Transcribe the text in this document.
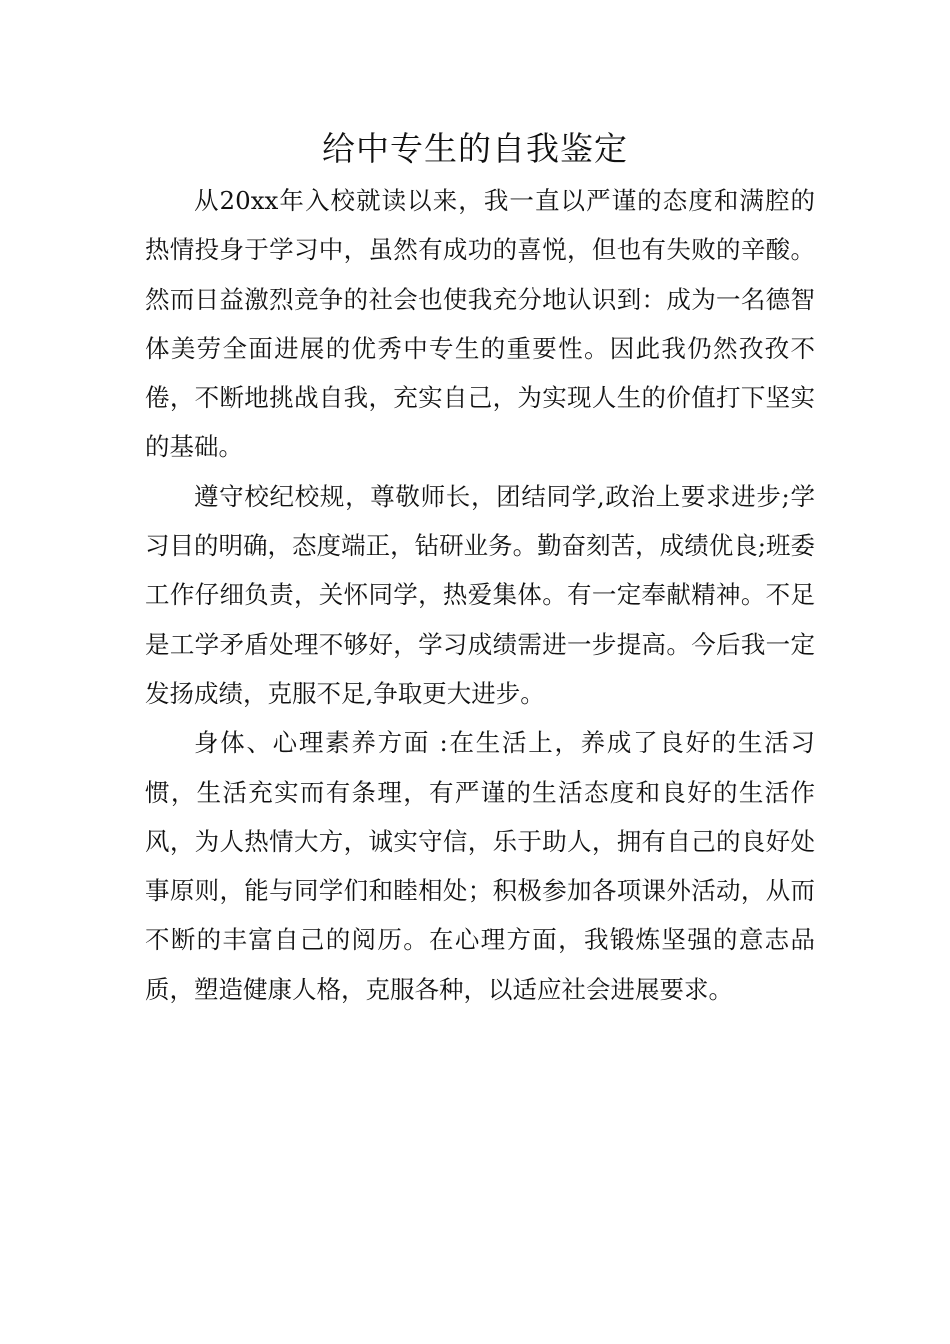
给中专生的自我鉴定

从20xx年入校就读以来，我一直以严谨的态度和满腔的热情投身于学习中，虽然有成功的喜悦，但也有失败的辛酸。然而日益激烈竞争的社会也使我充分地认识到：成为一名德智体美劳全面进展的优秀中专生的重要性。因此我仍然孜孜不倦，不断地挑战自我，充实自己，为实现人生的价值打下坚实的基础。

遵守校纪校规，尊敬师长，团结同学,政治上要求进步;学习目的明确，态度端正，钻研业务。勤奋刻苦，成绩优良;班委工作仔细负责，关怀同学，热爱集体。有一定奉献精神。不足是工学矛盾处理不够好，学习成绩需进一步提高。今后我一定发扬成绩，克服不足,争取更大进步。

身体、心理素养方面 :在生活上，养成了良好的生活习惯，生活充实而有条理，有严谨的生活态度和良好的生活作风，为人热情大方，诚实守信，乐于助人，拥有自己的良好处事原则，能与同学们和睦相处；积极参加各项课外活动，从而不断的丰富自己的阅历。在心理方面，我锻炼坚强的意志品质，塑造健康人格，克服各种，以适应社会进展要求。
